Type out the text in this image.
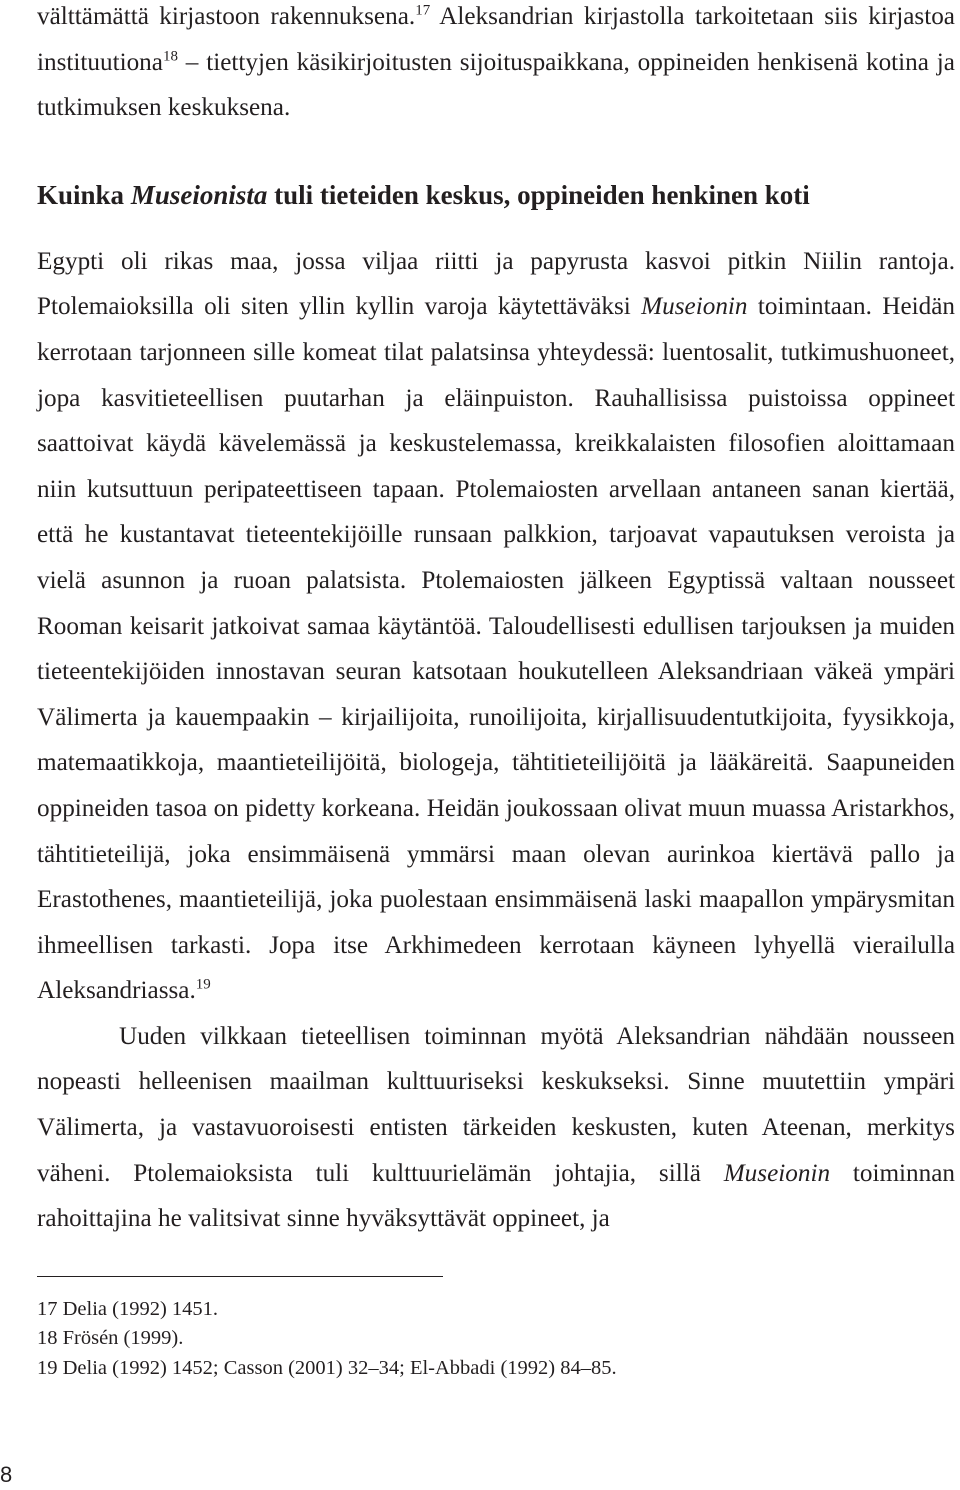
välttämättä kirjastoon rakennuksena.$^{17}$ Aleksandrian kirjastolla tarkoitetaan siis kirjastoa instituutiona$^{18}$ – tiettyjen käsikirjoitusten sijoituspaikkana, oppineiden henkisenä kotina ja tutkimuksen keskuksena.

Kuinka Museionista tuli tieteiden keskus, oppineiden henkinen koti

Egypti oli rikas maa, jossa viljaa riitti ja papyrusta kasvoi pitkin Niilin rantoja. Ptolemaioksilla oli siten yllin kyllin varoja käytettäväksi Museionin toimintaan. Heidän kerrotaan tarjonneen sille komeat tilat palatsinsa yhteydessä: luentosalit, tutkimushuoneet, jopa kasvitieteellisen puutarhan ja eläinpuiston. Rauhallisissa puistoissa oppineet saattoivat käydä kävelemässä ja keskustelemassa, kreikkalaisten filosofien aloittamaan niin kutsuttuun peripateettiseen tapaan. Ptolemaiosten arvellaan antaneen sanan kiertää, että he kustantavat tieteentekijöille runsaan palkkion, tarjoavat vapautuksen veroista ja vielä asunnon ja ruoan palatsista. Ptolemaiosten jälkeen Egyptissä valtaan nousseet Rooman keisarit jatkoivat samaa käytäntöä. Taloudellisesti edullisen tarjouksen ja muiden tieteentekijöiden innostavan seuran katsotaan houkutelleen Aleksandriaan väkeä ympäri Välimerta ja kauempaakin – kirjailijoita, runoilijoita, kirjallisuudentutkijoita, fyysikkoja, matemaatikkoja, maantieteilijöitä, biologeja, tähtitieteilijöitä ja lääkäreitä. Saapuneiden oppineiden tasoa on pidetty korkeana. Heidän joukossaan olivat muun muassa Aristarkhos, tähtitieteilijä, joka ensimmäisenä ymmärsi maan olevan aurinkoa kiertävä pallo ja Erastothenes, maantieteilijä, joka puolestaan ensimmäisenä laski maapallon ympärysmitan ihmeellisen tarkasti. Jopa itse Arkhimedeen kerrotaan käyneen lyhyellä vierailulla Aleksandriassa.$^{19}$

Uuden vilkkaan tieteellisen toiminnan myötä Aleksandrian nähdään nousseen nopeasti helleenisen maailman kulttuuriseksi keskukseksi. Sinne muutettiin ympäri Välimerta, ja vastavuoroisesti entisten tärkeiden keskusten, kuten Ateenan, merkitys väheni. Ptolemaioksista tuli kulttuurielämän johtajia, sillä Museionin toiminnan rahoittajina he valitsivat sinne hyväksyttävät oppineet, ja

17 Delia (1992) 1451.
18 Frösén (1999).
19 Delia (1992) 1452; Casson (2001) 32–34; El-Abbadi (1992) 84–85.
8
